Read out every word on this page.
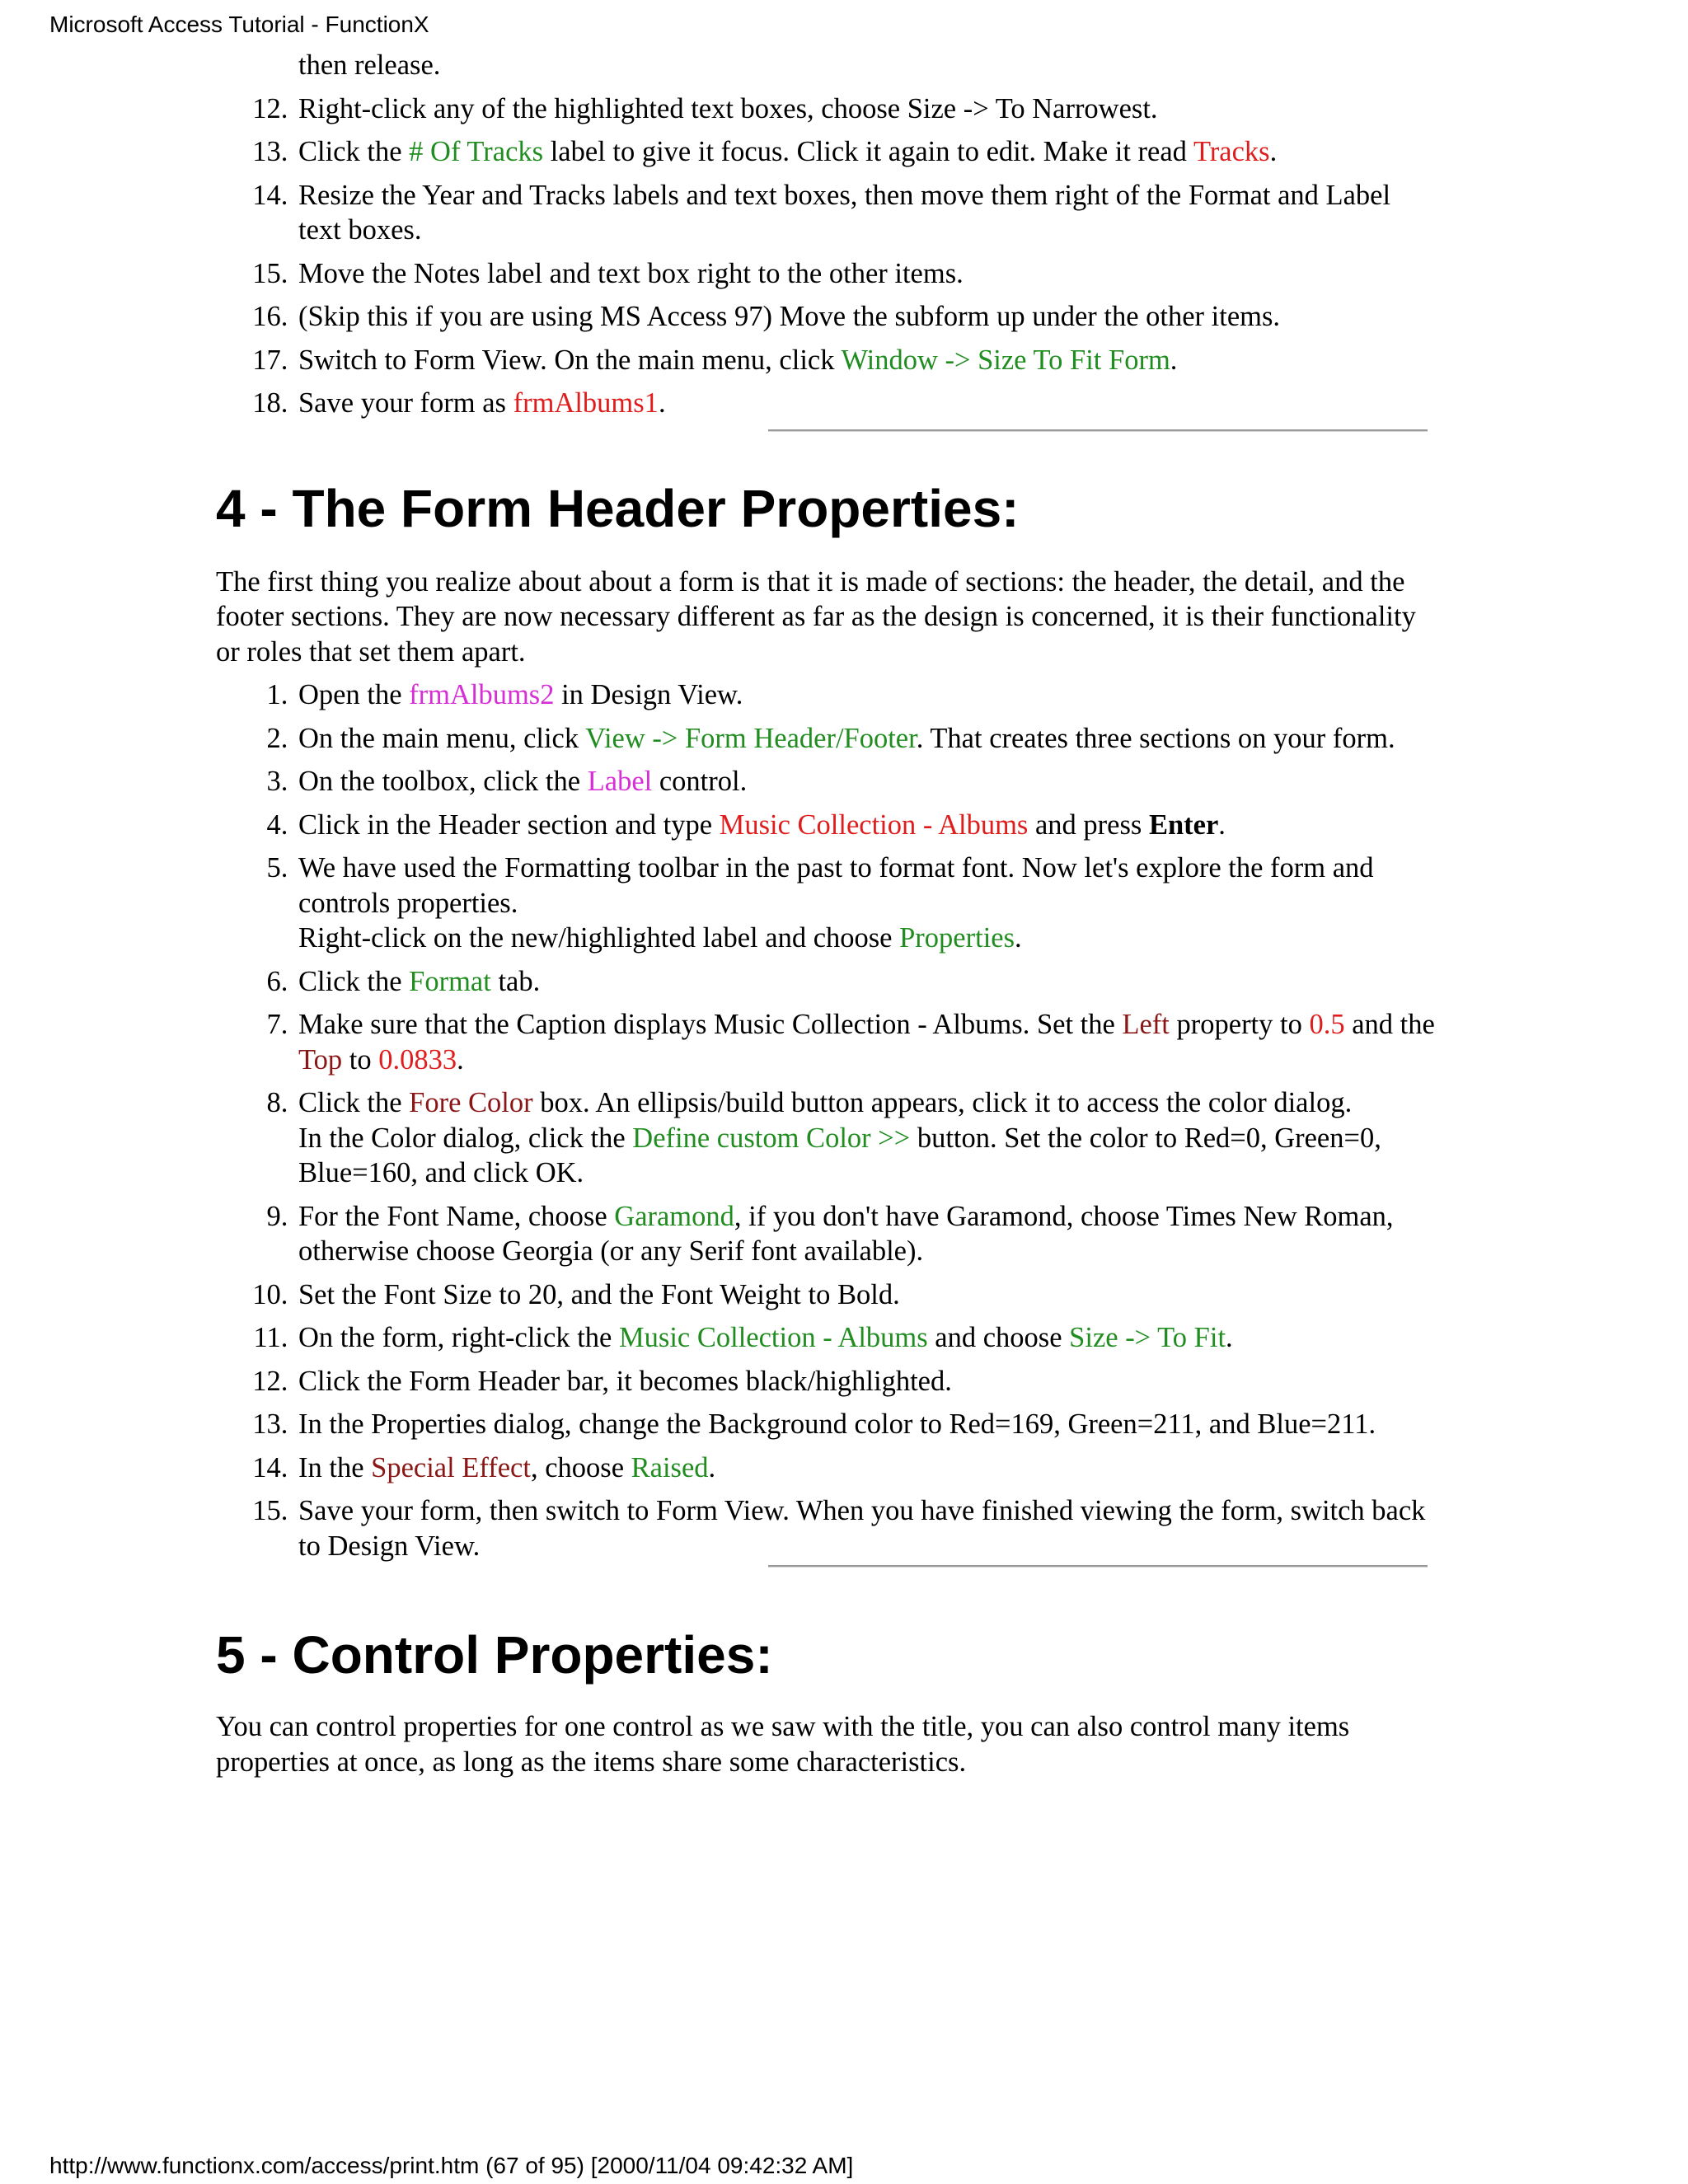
Microsoft Access Tutorial - FunctionX
then release.
12. Right-click any of the highlighted text boxes, choose Size -> To Narrowest.
13. Click the # Of Tracks label to give it focus. Click it again to edit. Make it read Tracks.
14. Resize the Year and Tracks labels and text boxes, then move them right of the Format and Label text boxes.
15. Move the Notes label and text box right to the other items.
16. (Skip this if you are using MS Access 97) Move the subform up under the other items.
17. Switch to Form View. On the main menu, click Window -> Size To Fit Form.
18. Save your form as frmAlbums1.
4 - The Form Header Properties:

The first thing you realize about about a form is that it is made of sections: the header, the detail, and the footer sections. They are now necessary different as far as the design is concerned, it is their functionality or roles that set them apart.

1. Open the frmAlbums2 in Design View.
2. On the main menu, click View -> Form Header/Footer. That creates three sections on your form.
3. On the toolbox, click the Label control.
4. Click in the Header section and type Music Collection - Albums and press Enter.
5. We have used the Formatting toolbar in the past to format font. Now let's explore the form and controls properties.
Right-click on the new/highlighted label and choose Properties.
6. Click the Format tab.
7. Make sure that the Caption displays Music Collection - Albums. Set the Left property to 0.5 and the Top to 0.0833.
8. Click the Fore Color box. An ellipsis/build button appears, click it to access the color dialog.
In the Color dialog, click the Define custom Color >> button. Set the color to Red=0, Green=0, Blue=160, and click OK.
9. For the Font Name, choose Garamond, if you don't have Garamond, choose Times New Roman, otherwise choose Georgia (or any Serif font available).
10. Set the Font Size to 20, and the Font Weight to Bold.
11. On the form, right-click the Music Collection - Albums and choose Size -> To Fit.
12. Click the Form Header bar, it becomes black/highlighted.
13. In the Properties dialog, change the Background color to Red=169, Green=211, and Blue=211.
14. In the Special Effect, choose Raised.
15. Save your form, then switch to Form View. When you have finished viewing the form, switch back to Design View.
5 - Control Properties:

You can control properties for one control as we saw with the title, you can also control many items properties at once, as long as the items share some characteristics.

http://www.functionx.com/access/print.htm (67 of 95) [2000/11/04 09:42:32 AM]
